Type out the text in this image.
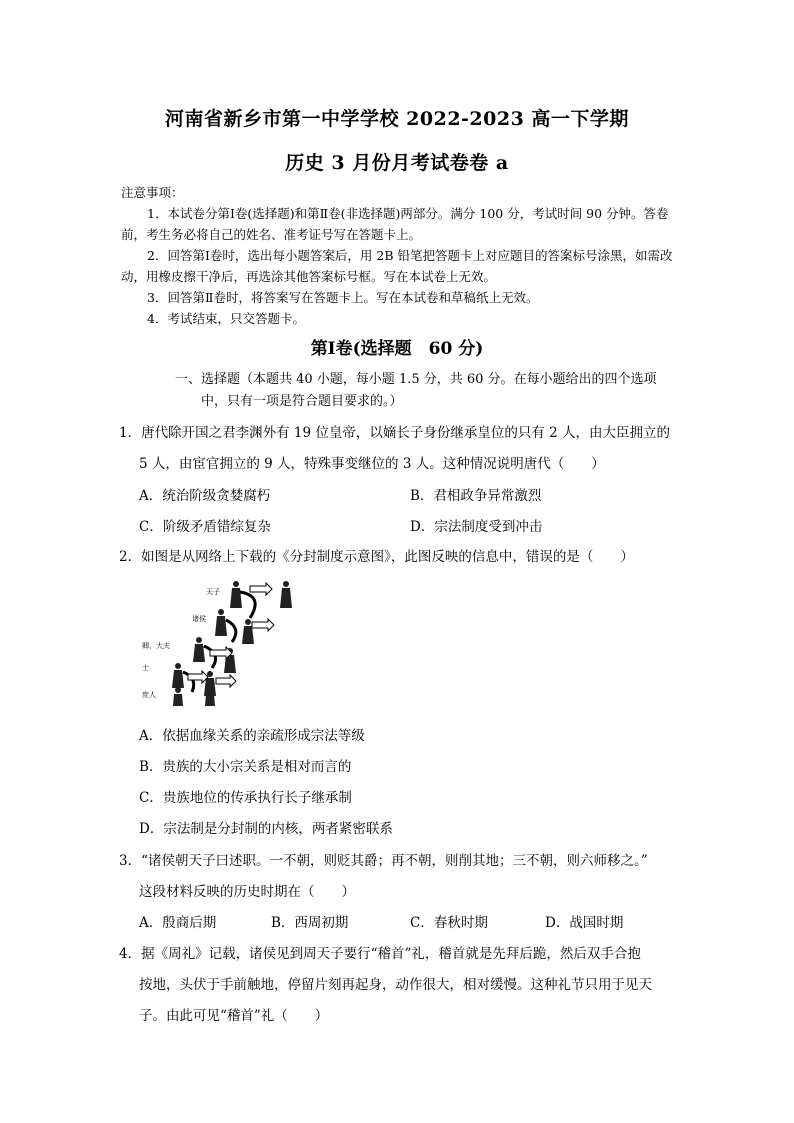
河南省新乡市第一中学学校 2022-2023 高一下学期
历史 3 月份月考试卷卷 a
注意事项：
1．本试卷分第Ⅰ卷(选择题)和第Ⅱ卷(非选择题)两部分。满分 100 分，考试时间 90 分钟。答卷前，考生务必将自己的姓名、准考证号写在答题卡上。
2．回答第Ⅰ卷时，选出每小题答案后，用 2B 铅笔把答题卡上对应题目的答案标号涂黑，如需改动，用橡皮擦干净后，再选涂其他答案标号框。写在本试卷上无效。
3．回答第Ⅱ卷时，将答案写在答题卡上。写在本试卷和草稿纸上无效。
4．考试结束，只交答题卡。
第Ⅰ卷(选择题　60 分)
一、选择题（本题共 40 小题，每小题 1.5 分，共 60 分。在每小题给出的四个选项
中，只有一项是符合题目要求的。）
1．唐代除开国之君李渊外有 19 位皇帝，以嫡长子身份继承皇位的只有 2 人，由大臣拥立的
5 人，由宦官拥立的 9 人，特殊事变继位的 3 人。这种情况说明唐代（　　）
A．统治阶级贪婪腐朽	B．君相政争异常激烈
C．阶级矛盾错综复杂	D．宗法制度受到冲击
2．如图是从网络上下载的《分封制度示意图》，此图反映的信息中，错误的是（　　）
天子
诸侯
卿、大夫
士
庶人
A．依据血缘关系的亲疏形成宗法等级
B．贵族的大小宗关系是相对而言的
C．贵族地位的传承执行长子继承制
D．宗法制是分封制的内核，两者紧密联系
3．“诸侯朝天子曰述职。一不朝，则贬其爵；再不朝，则削其地；三不朝，则六师移之。”
这段材料反映的历史时期在（　　）
A．殷商后期	B．西周初期	C．春秋时期	D．战国时期
4．据《周礼》记载，诸侯见到周天子要行“稽首”礼，稽首就是先拜后跪，然后双手合抱
按地，头伏于手前触地，停留片刻再起身，动作很大，相对缓慢。这种礼节只用于见天
子。由此可见“稽首”礼（　　）
